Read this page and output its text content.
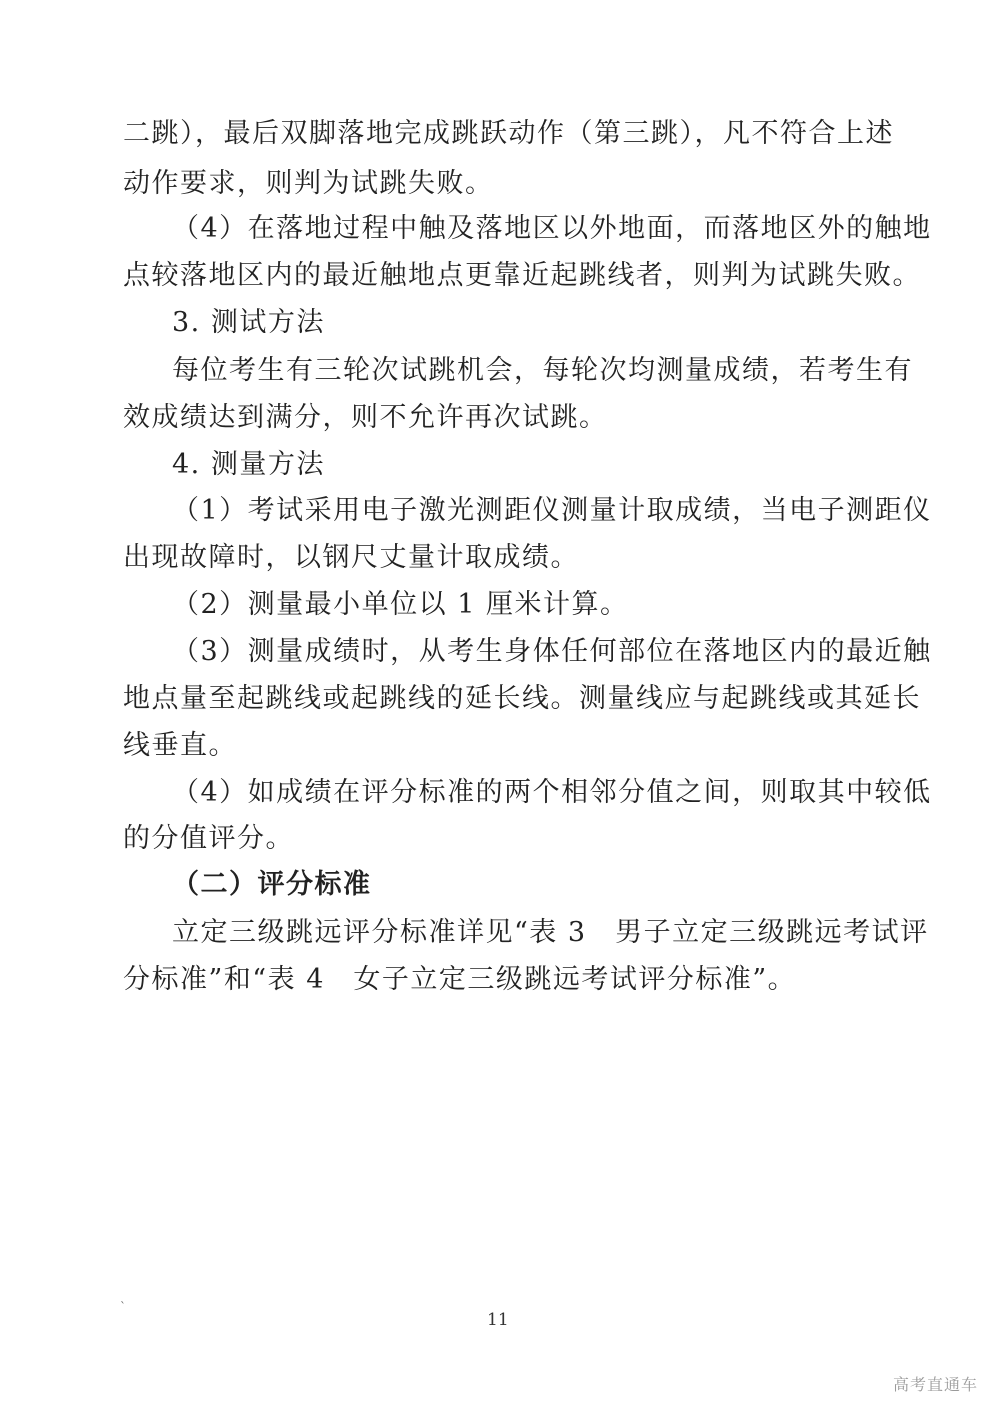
二跳），最后双脚落地完成跳跃动作（第三跳），凡不符合上述
动作要求，则判为试跳失败。
（4）在落地过程中触及落地区以外地面，而落地区外的触地
点较落地区内的最近触地点更靠近起跳线者，则判为试跳失败。
3. 测试方法
每位考生有三轮次试跳机会，每轮次均测量成绩，若考生有
效成绩达到满分，则不允许再次试跳。
4. 测量方法
（1）考试采用电子激光测距仪测量计取成绩，当电子测距仪
出现故障时，以钢尺丈量计取成绩。
（2）测量最小单位以 1 厘米计算。
（3）测量成绩时，从考生身体任何部位在落地区内的最近触
地点量至起跳线或起跳线的延长线。测量线应与起跳线或其延长
线垂直。
（4）如成绩在评分标准的两个相邻分值之间，则取其中较低
的分值评分。
（二）评分标准
立定三级跳远评分标准详见“表 3　男子立定三级跳远考试评
分标准”和“表 4　女子立定三级跳远考试评分标准”。
`
11
高考直通车
